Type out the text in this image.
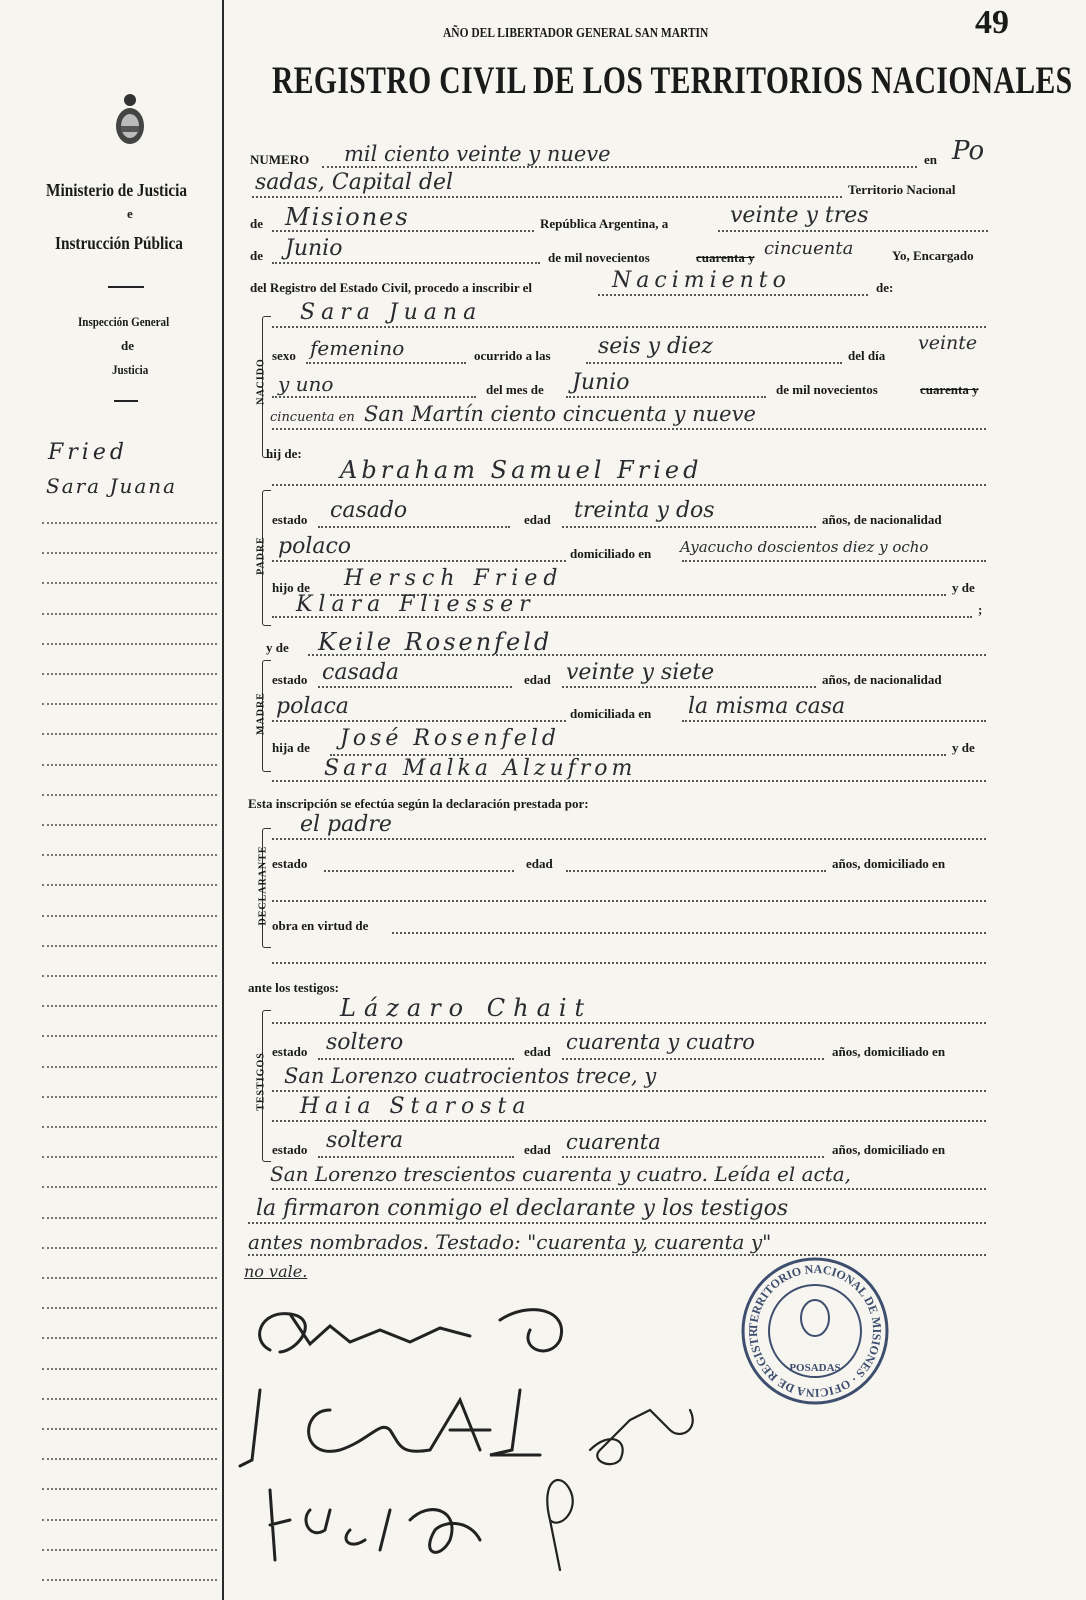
49
AÑO DEL LIBERTADOR GENERAL SAN MARTIN
REGISTRO CIVIL DE LOS TERRITORIOS NACIONALES
Ministerio de Justicia
e
Instrucción Pública
Inspección General
de
Justicia
Fried
Sara Juana
NUMERO mil ciento veinte y nueve	en Po
sadas, Capital del	Territorio Nacional
de Misiones	República Argentina, a	veinte y tres
de Junio	de mil novecientos	cuarenta y cincuenta	Yo, Encargado
del Registro del Estado Civil, procedo a inscribir el	Nacimiento	de:
NACIDO
Sara Juana
sexo femenino	ocurrido a las seis y diez	del día
veinte
y uno	del mes de Junio	de mil novecientos	cuarenta y
cincuenta en San Martín ciento cincuenta y nueve
hij de:
Abraham Samuel Fried
PADRE
estado casado	edad treinta y dos	años, de nacionalidad
polaco	domiciliado en Ayacucho doscientos diez y ocho
hijo de Hersch Fried	y de
Klara Fliesser	;
y de Keile Rosenfeld
MADRE
estado casada	edad veinte y siete	años, de nacionalidad
polaca	domiciliada en la misma casa
hija de José Rosenfeld	y de
Sara Malka Alzufrom
Esta inscripción se efectúa según la declaración prestada por:
el padre
DECLARANTE estado	edad	años, domiciliado en
obra en virtud de
ante los testigos:
Lázaro Chait
TESTIGOS
estado soltero	edad cuarenta y cuatro	años, domiciliado en
San Lorenzo cuatrocientos trece, y
Haia Starosta
estado soltera	edad cuarenta	años, domiciliado en
San Lorenzo trescientos cuarenta y cuatro. Leída el acta,
la firmaron conmigo el declarante y los testigos
antes nombrados. Testado: "cuarenta y, cuarenta y"
no vale.
TERRITORIO NACIONAL DE MISIONES · OFICINA DE REGISTR
POSADAS
